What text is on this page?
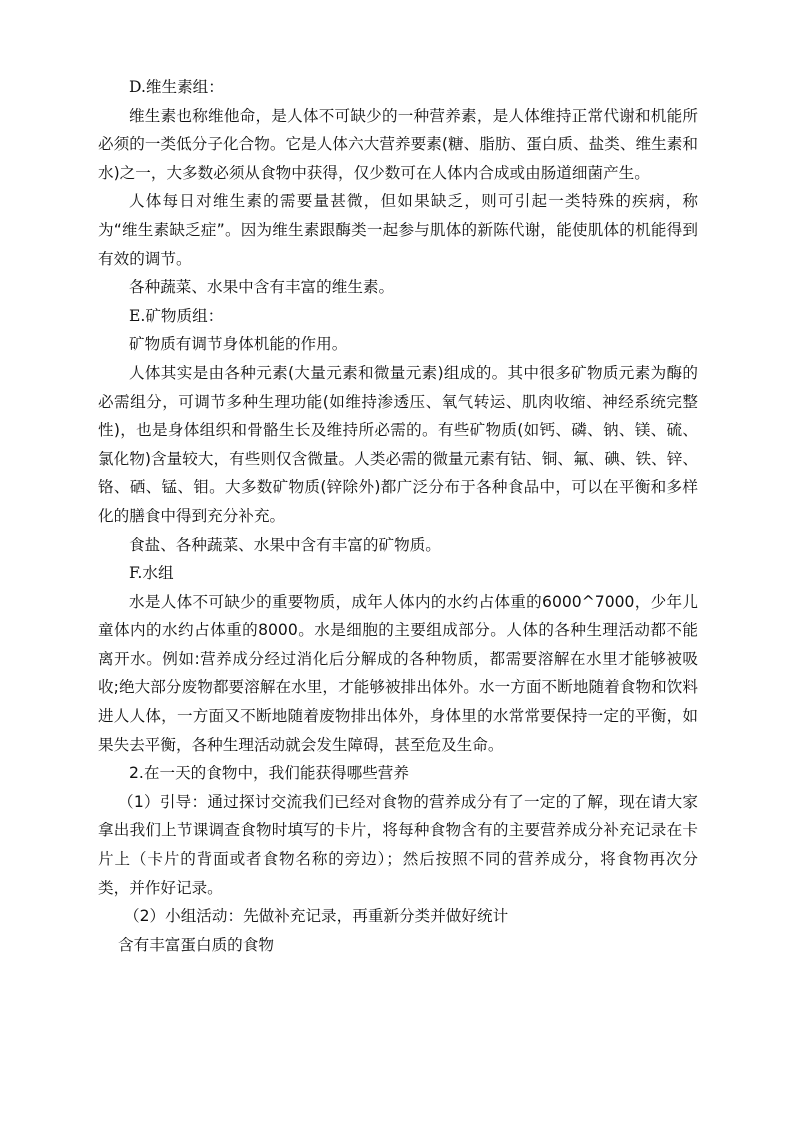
D.维生素组：

维生素也称维他命，是人体不可缺少的一种营养素，是人体维持正常代谢和机能所必须的一类低分子化合物。它是人体六大营养要素(糖、脂肪、蛋白质、盐类、维生素和水)之一，大多数必须从食物中获得，仅少数可在人体内合成或由肠道细菌产生。

人体每日对维生素的需要量甚微，但如果缺乏，则可引起一类特殊的疾病，称为“维生素缺乏症”。因为维生素跟酶类一起参与肌体的新陈代谢，能使肌体的机能得到有效的调节。

各种蔬菜、水果中含有丰富的维生素。

E.矿物质组：

矿物质有调节身体机能的作用。

人体其实是由各种元素(大量元素和微量元素)组成的。其中很多矿物质元素为酶的必需组分，可调节多种生理功能(如维持渗透压、氧气转运、肌肉收缩、神经系统完整性)，也是身体组织和骨骼生长及维持所必需的。有些矿物质(如钙、磷、钠、镁、硫、氯化物)含量较大，有些则仅含微量。人类必需的微量元素有钴、铜、氟、碘、铁、锌、铬、硒、锰、钼。大多数矿物质(锌除外)都广泛分布于各种食品中，可以在平衡和多样化的膳食中得到充分补充。

食盐、各种蔬菜、水果中含有丰富的矿物质。

F.水组

水是人体不可缺少的重要物质，成年人体内的水约占体重的6000^7000，少年儿童体内的水约占体重的8000。水是细胞的主要组成部分。人体的各种生理活动都不能离开水。例如:营养成分经过消化后分解成的各种物质，都需要溶解在水里才能够被吸收;绝大部分废物都要溶解在水里，才能够被排出体外。水一方面不断地随着食物和饮料进人人体，一方面又不断地随着废物排出体外，身体里的水常常要保持一定的平衡，如果失去平衡，各种生理活动就会发生障碍，甚至危及生命。

2.在一天的食物中，我们能获得哪些营养

（1）引导：通过探讨交流我们已经对食物的营养成分有了一定的了解，现在请大家拿出我们上节课调查食物时填写的卡片，将每种食物含有的主要营养成分补充记录在卡片上（卡片的背面或者食物名称的旁边）；然后按照不同的营养成分，将食物再次分类，并作好记录。

（2）小组活动：先做补充记录，再重新分类并做好统计

含有丰富蛋白质的食物
